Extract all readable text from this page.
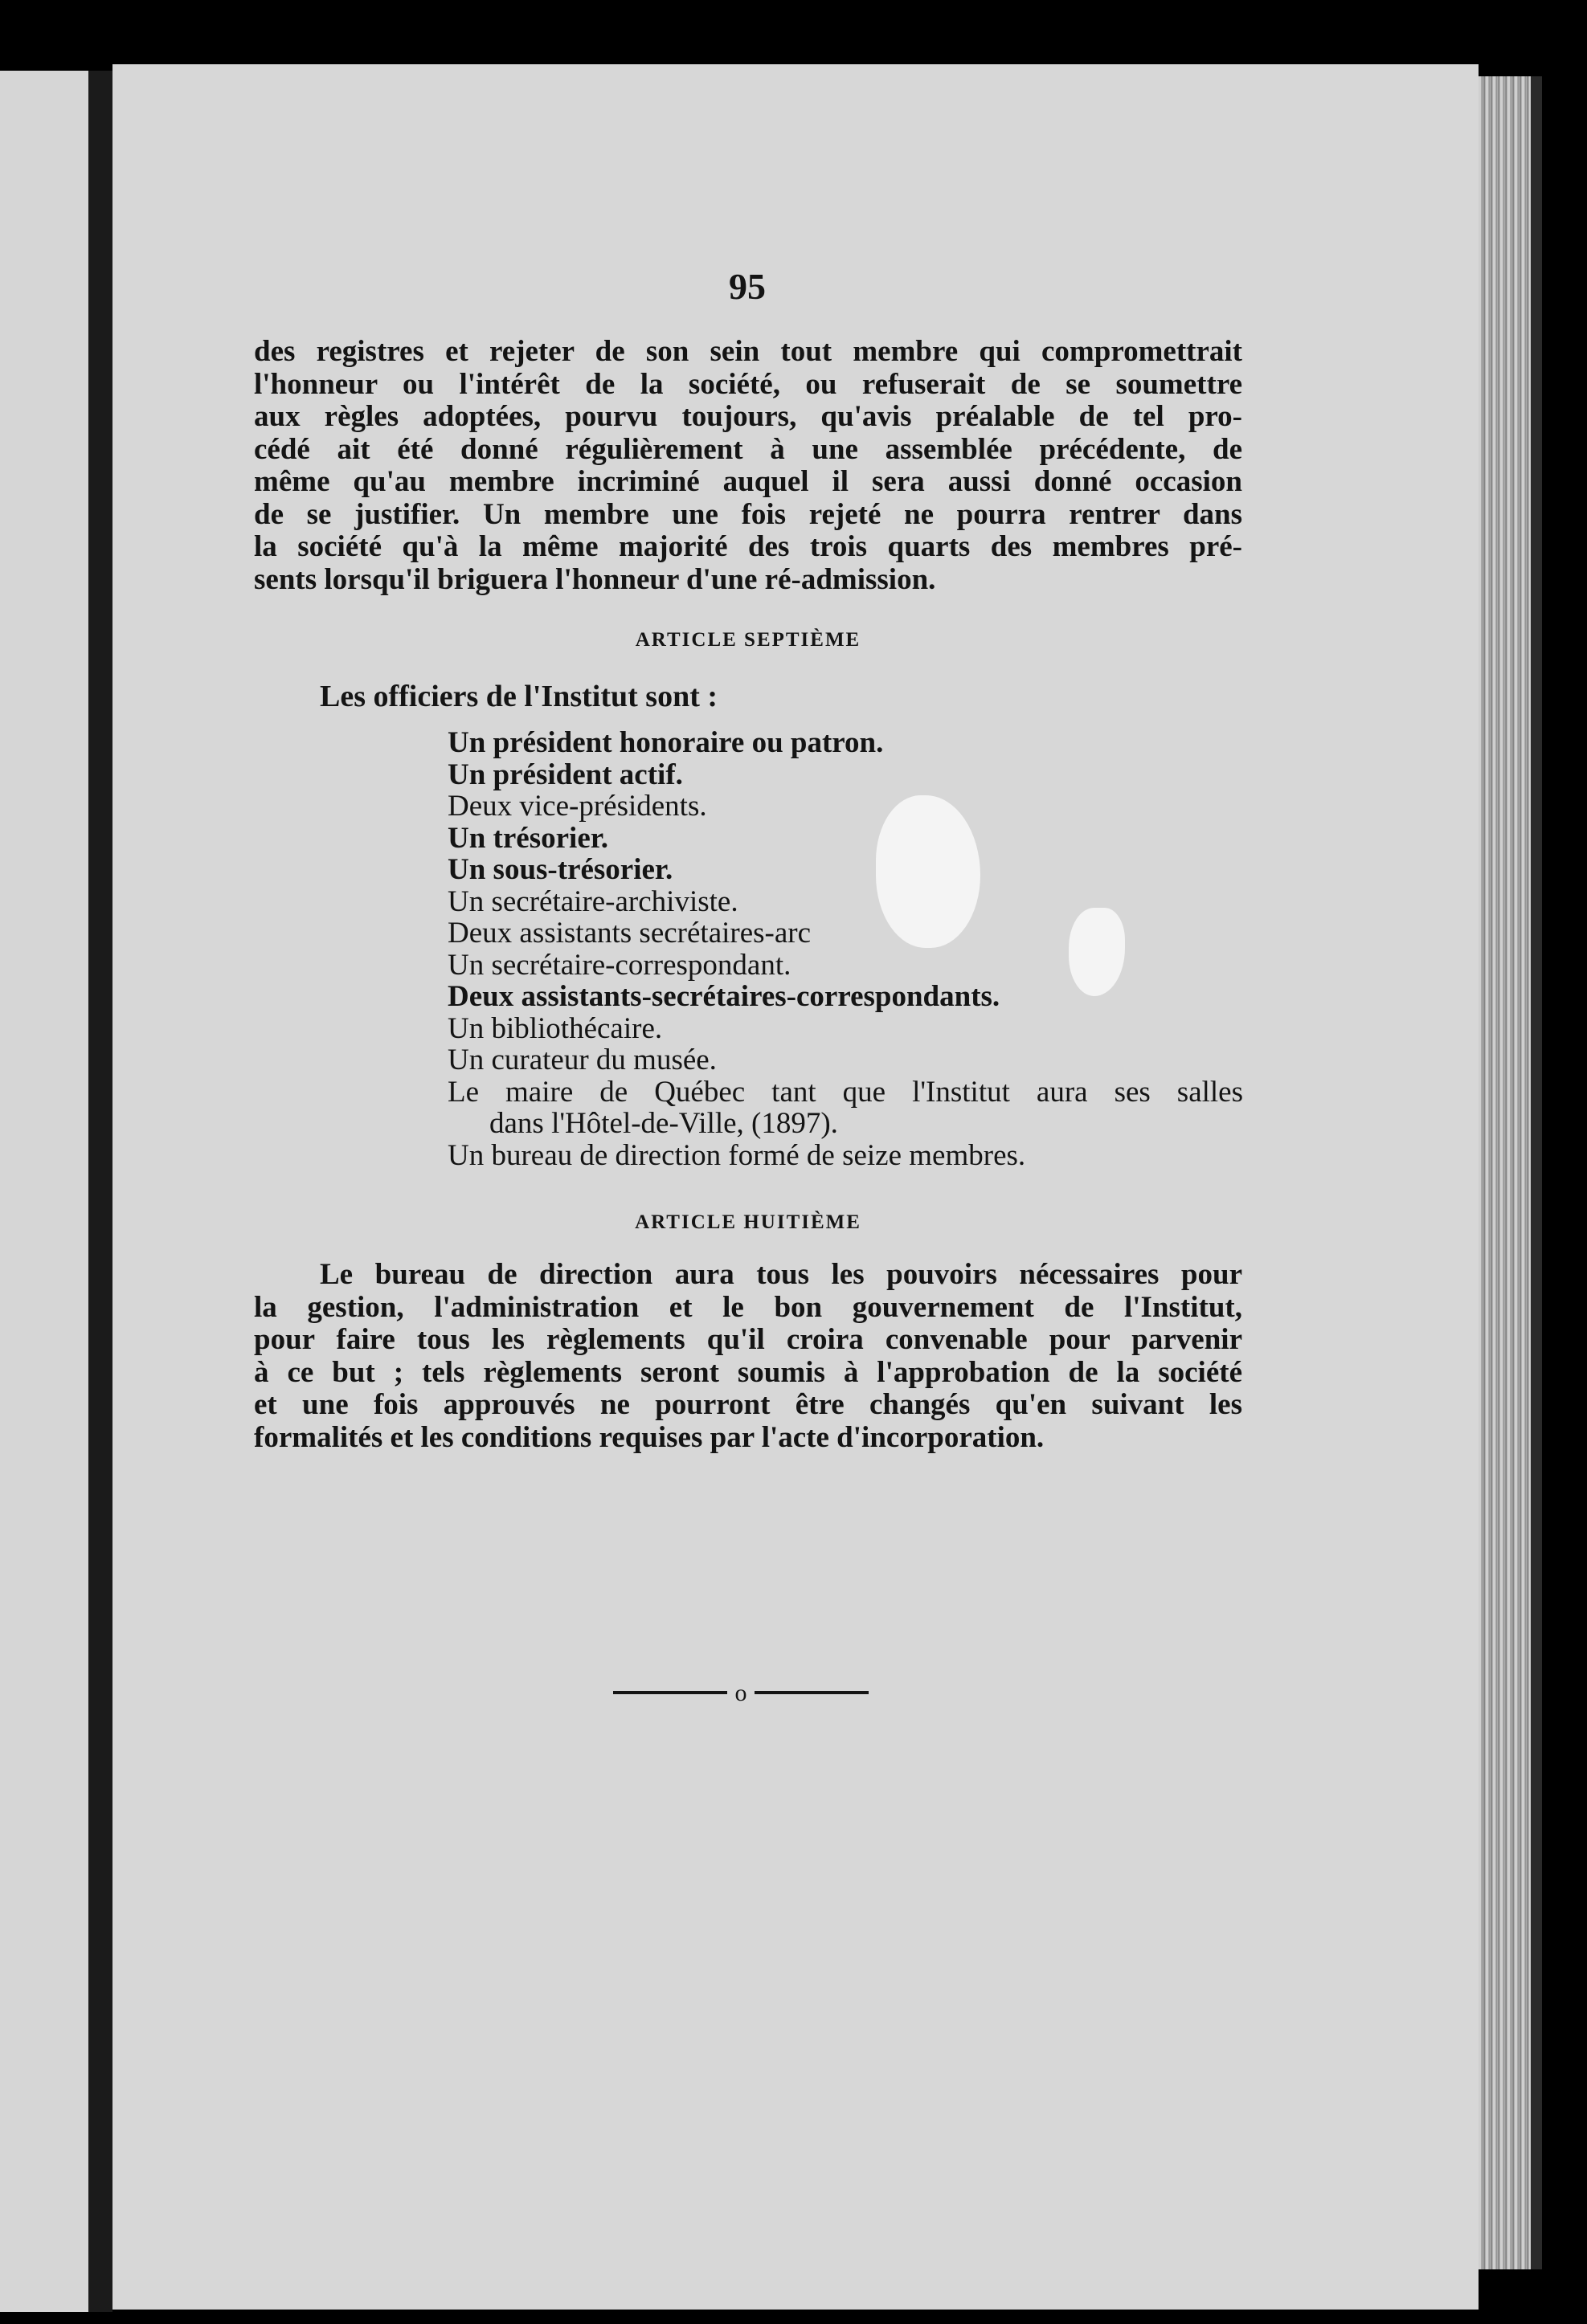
95
des registres et rejeter de son sein tout membre qui compromettrait
l'honneur ou l'intérêt de la société, ou refuserait de se soumettre
aux règles adoptées, pourvu toujours, qu'avis préalable de tel pro-
cédé ait été donné régulièrement à une assemblée précédente, de
même qu'au membre incriminé auquel il sera aussi donné occasion
de se justifier. Un membre une fois rejeté ne pourra rentrer dans
la société qu'à la même majorité des trois quarts des membres pré-
sents lorsqu'il briguera l'honneur d'une ré-admission.
ARTICLE SEPTIÈME
Les officiers de l'Institut sont :
Un président honoraire ou patron.
Un président actif.
Deux vice-présidents.
Un trésorier.
Un sous-trésorier.
Un secrétaire-archiviste.
Deux assistants secrétaires-arc
Un secrétaire-correspondant.
Deux assistants-secrétaires-correspondants.
Un bibliothécaire.
Un curateur du musée.
Le maire de Québec tant que l'Institut aura ses salles
dans l'Hôtel-de-Ville, (1897).
Un bureau de direction formé de seize membres.
ARTICLE HUITIÈME
Le bureau de direction aura tous les pouvoirs nécessaires pour
la gestion, l'administration et le bon gouvernement de l'Institut,
pour faire tous les règlements qu'il croira convenable pour parvenir
à ce but ; tels règlements seront soumis à l'approbation de la société
et une fois approuvés ne pourront être changés qu'en suivant les
formalités et les conditions requises par l'acte d'incorporation.
o
